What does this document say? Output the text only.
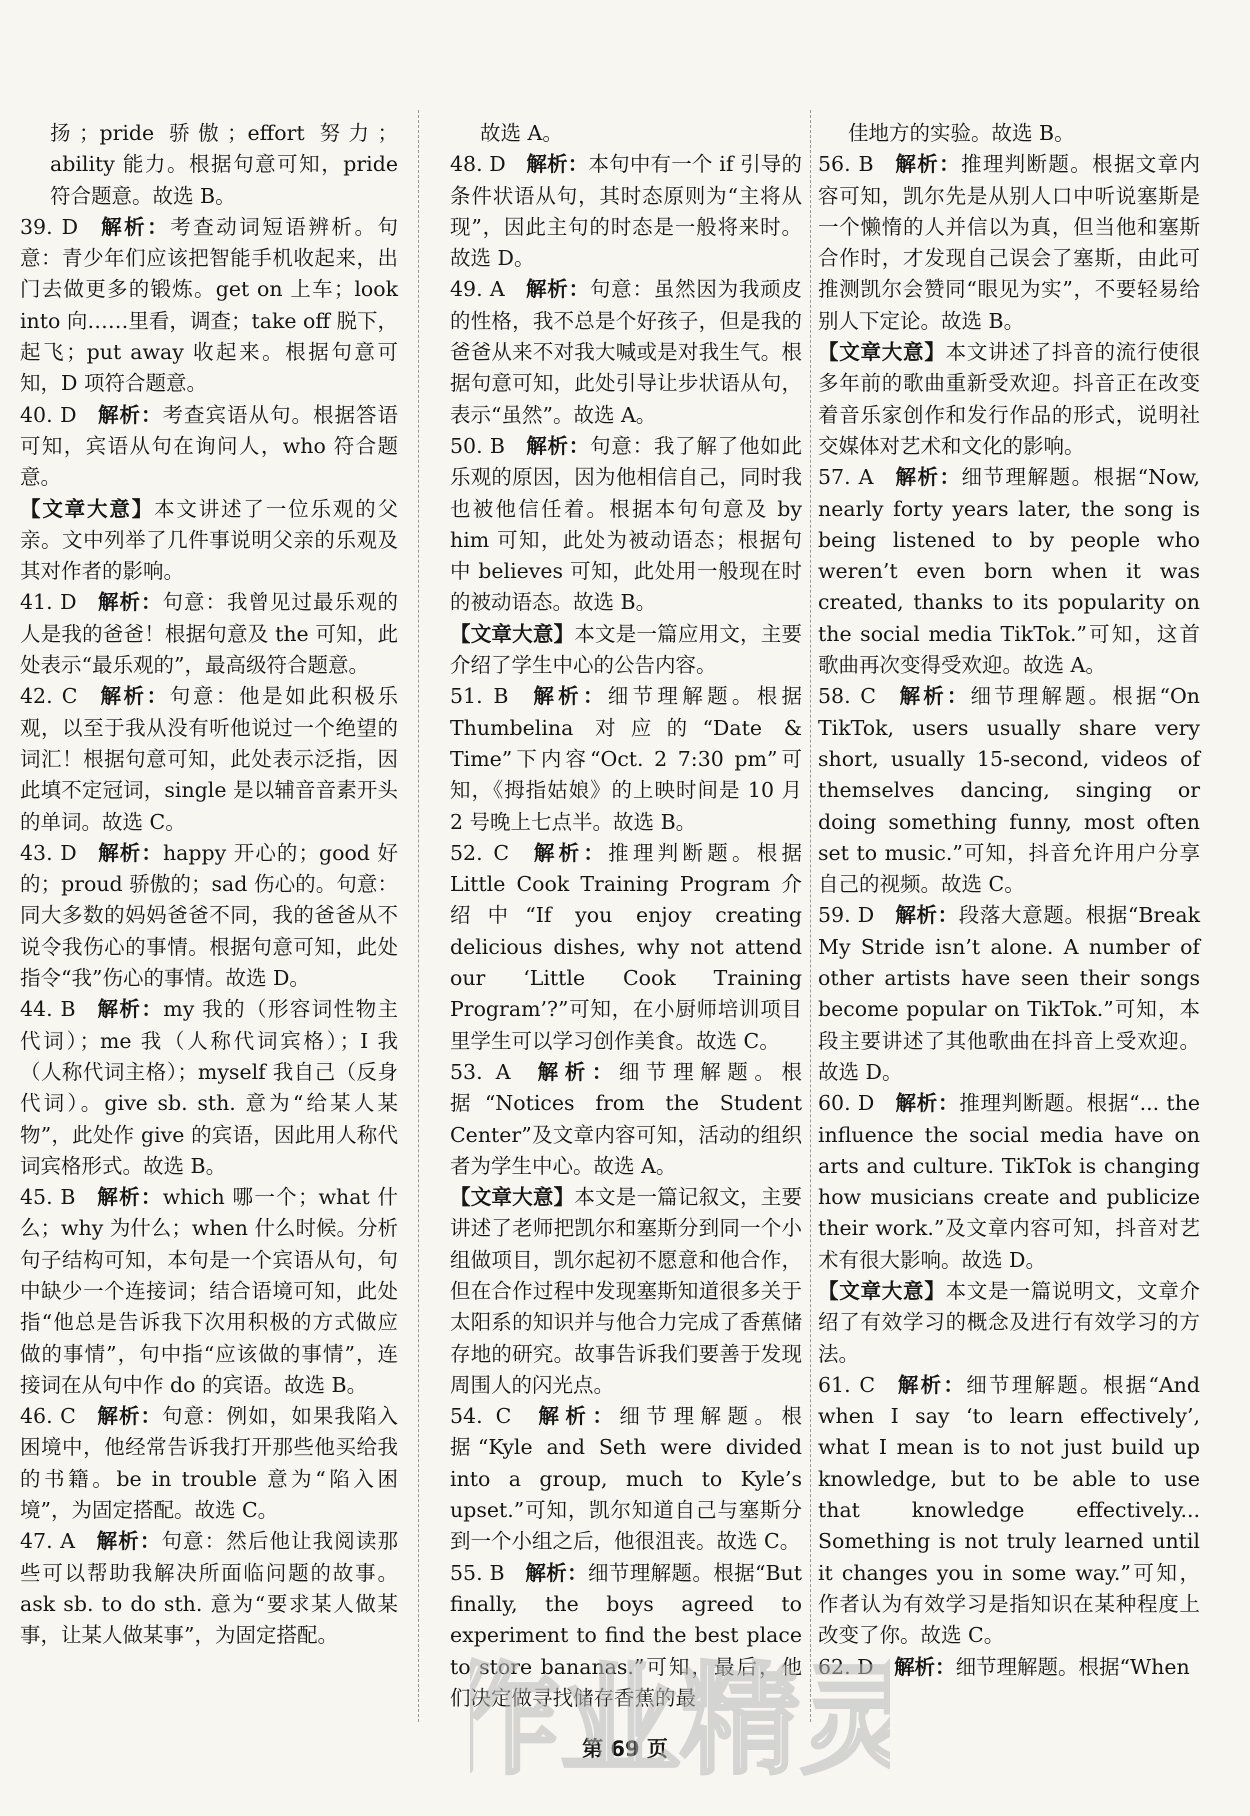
扬；pride 骄傲；effort 努力；ability 能力。根据句意可知，pride 符合题意。故选 B。

39. D 解析：考查动词短语辨析。句意：青少年们应该把智能手机收起来，出门去做更多的锻炼。get on 上车；look into 向……里看，调查；take off 脱下，起飞；put away 收起来。根据句意可知，D 项符合题意。

40. D 解析：考查宾语从句。根据答语可知，宾语从句在询问人，who 符合题意。

【文章大意】本文讲述了一位乐观的父亲。文中列举了几件事说明父亲的乐观及其对作者的影响。

41. D 解析：句意：我曾见过最乐观的人是我的爸爸！根据句意及 the 可知，此处表示“最乐观的”，最高级符合题意。

42. C 解析：句意：他是如此积极乐观，以至于我从没有听他说过一个绝望的词汇！根据句意可知，此处表示泛指，因此填不定冠词，single 是以辅音音素开头的单词。故选 C。

43. D 解析：happy 开心的；good 好的；proud 骄傲的；sad 伤心的。句意：同大多数的妈妈爸爸不同，我的爸爸从不说令我伤心的事情。根据句意可知，此处指令“我”伤心的事情。故选 D。

44. B 解析：my 我的（形容词性物主代词）；me 我（人称代词宾格）；I 我（人称代词主格）；myself 我自己（反身代词）。give sb. sth. 意为“给某人某物”，此处作 give 的宾语，因此用人称代词宾格形式。故选 B。

45. B 解析：which 哪一个；what 什么；why 为什么；when 什么时候。分析句子结构可知，本句是一个宾语从句，句中缺少一个连接词；结合语境可知，此处指“他总是告诉我下次用积极的方式做应做的事情”，句中指“应该做的事情”，连接词在从句中作 do 的宾语。故选 B。

46. C 解析：句意：例如，如果我陷入困境中，他经常告诉我打开那些他买给我的书籍。be in trouble 意为“陷入困境”，为固定搭配。故选 C。

47. A 解析：句意：然后他让我阅读那些可以帮助我解决所面临问题的故事。ask sb. to do sth. 意为“要求某人做某事，让某人做某事”，为固定搭配。

故选 A。

48. D 解析：本句中有一个 if 引导的条件状语从句，其时态原则为“主将从现”，因此主句的时态是一般将来时。故选 D。

49. A 解析：句意：虽然因为我顽皮的性格，我不总是个好孩子，但是我的爸爸从来不对我大喊或是对我生气。根据句意可知，此处引导让步状语从句，表示“虽然”。故选 A。

50. B 解析：句意：我了解了他如此乐观的原因，因为他相信自己，同时我也被他信任着。根据本句句意及 by him 可知，此处为被动语态；根据句中 believes 可知，此处用一般现在时的被动语态。故选 B。

【文章大意】本文是一篇应用文，主要介绍了学生中心的公告内容。

51. B 解析：细节理解题。根据 Thumbelina 对应的“Date & Time”下内容“Oct. 2 7:30 pm”可知，《拇指姑娘》的上映时间是 10 月 2 号晚上七点半。故选 B。

52. C 解析：推理判断题。根据 Little Cook Training Program 介绍中“If you enjoy creating delicious dishes, why not attend our ‘Little Cook Training Program’?”可知，在小厨师培训项目里学生可以学习创作美食。故选 C。

53. A 解析：细节理解题。根据“Notices from the Student Center”及文章内容可知，活动的组织者为学生中心。故选 A。

【文章大意】本文是一篇记叙文，主要讲述了老师把凯尔和塞斯分到同一个小组做项目，凯尔起初不愿意和他合作，但在合作过程中发现塞斯知道很多关于太阳系的知识并与他合力完成了香蕉储存地的研究。故事告诉我们要善于发现周围人的闪光点。

54. C 解析：细节理解题。根据“Kyle and Seth were divided into a group, much to Kyle’s upset.”可知，凯尔知道自己与塞斯分到一个小组之后，他很沮丧。故选 C。

55. B 解析：细节理解题。根据“But finally, the boys agreed to experiment to find the best place to store bananas.”可知，最后，他们决定做寻找储存香蕉的最

佳地方的实验。故选 B。

56. B 解析：推理判断题。根据文章内容可知，凯尔先是从别人口中听说塞斯是一个懒惰的人并信以为真，但当他和塞斯合作时，才发现自己误会了塞斯，由此可推测凯尔会赞同“眼见为实”，不要轻易给别人下定论。故选 B。

【文章大意】本文讲述了抖音的流行使很多年前的歌曲重新受欢迎。抖音正在改变着音乐家创作和发行作品的形式，说明社交媒体对艺术和文化的影响。

57. A 解析：细节理解题。根据“Now, nearly forty years later, the song is being listened to by people who weren’t even born when it was created, thanks to its popularity on the social media TikTok.”可知，这首歌曲再次变得受欢迎。故选 A。

58. C 解析：细节理解题。根据“On TikTok, users usually share very short, usually 15-second, videos of themselves dancing, singing or doing something funny, most often set to music.”可知，抖音允许用户分享自己的视频。故选 C。

59. D 解析：段落大意题。根据“Break My Stride isn’t alone. A number of other artists have seen their songs become popular on TikTok.”可知，本段主要讲述了其他歌曲在抖音上受欢迎。故选 D。

60. D 解析：推理判断题。根据“... the influence the social media have on arts and culture. TikTok is changing how musicians create and publicize their work.”及文章内容可知，抖音对艺术有很大影响。故选 D。

【文章大意】本文是一篇说明文，文章介绍了有效学习的概念及进行有效学习的方法。

61. C 解析：细节理解题。根据“And when I say ‘to learn effectively’, what I mean is to not just build up knowledge, but to be able to use that knowledge effectively... Something is not truly learned until it changes you in some way.”可知，作者认为有效学习是指知识在某种程度上改变了你。故选 C。

62. D 解析：细节理解题。根据“When

第 69 页
作业精灵
